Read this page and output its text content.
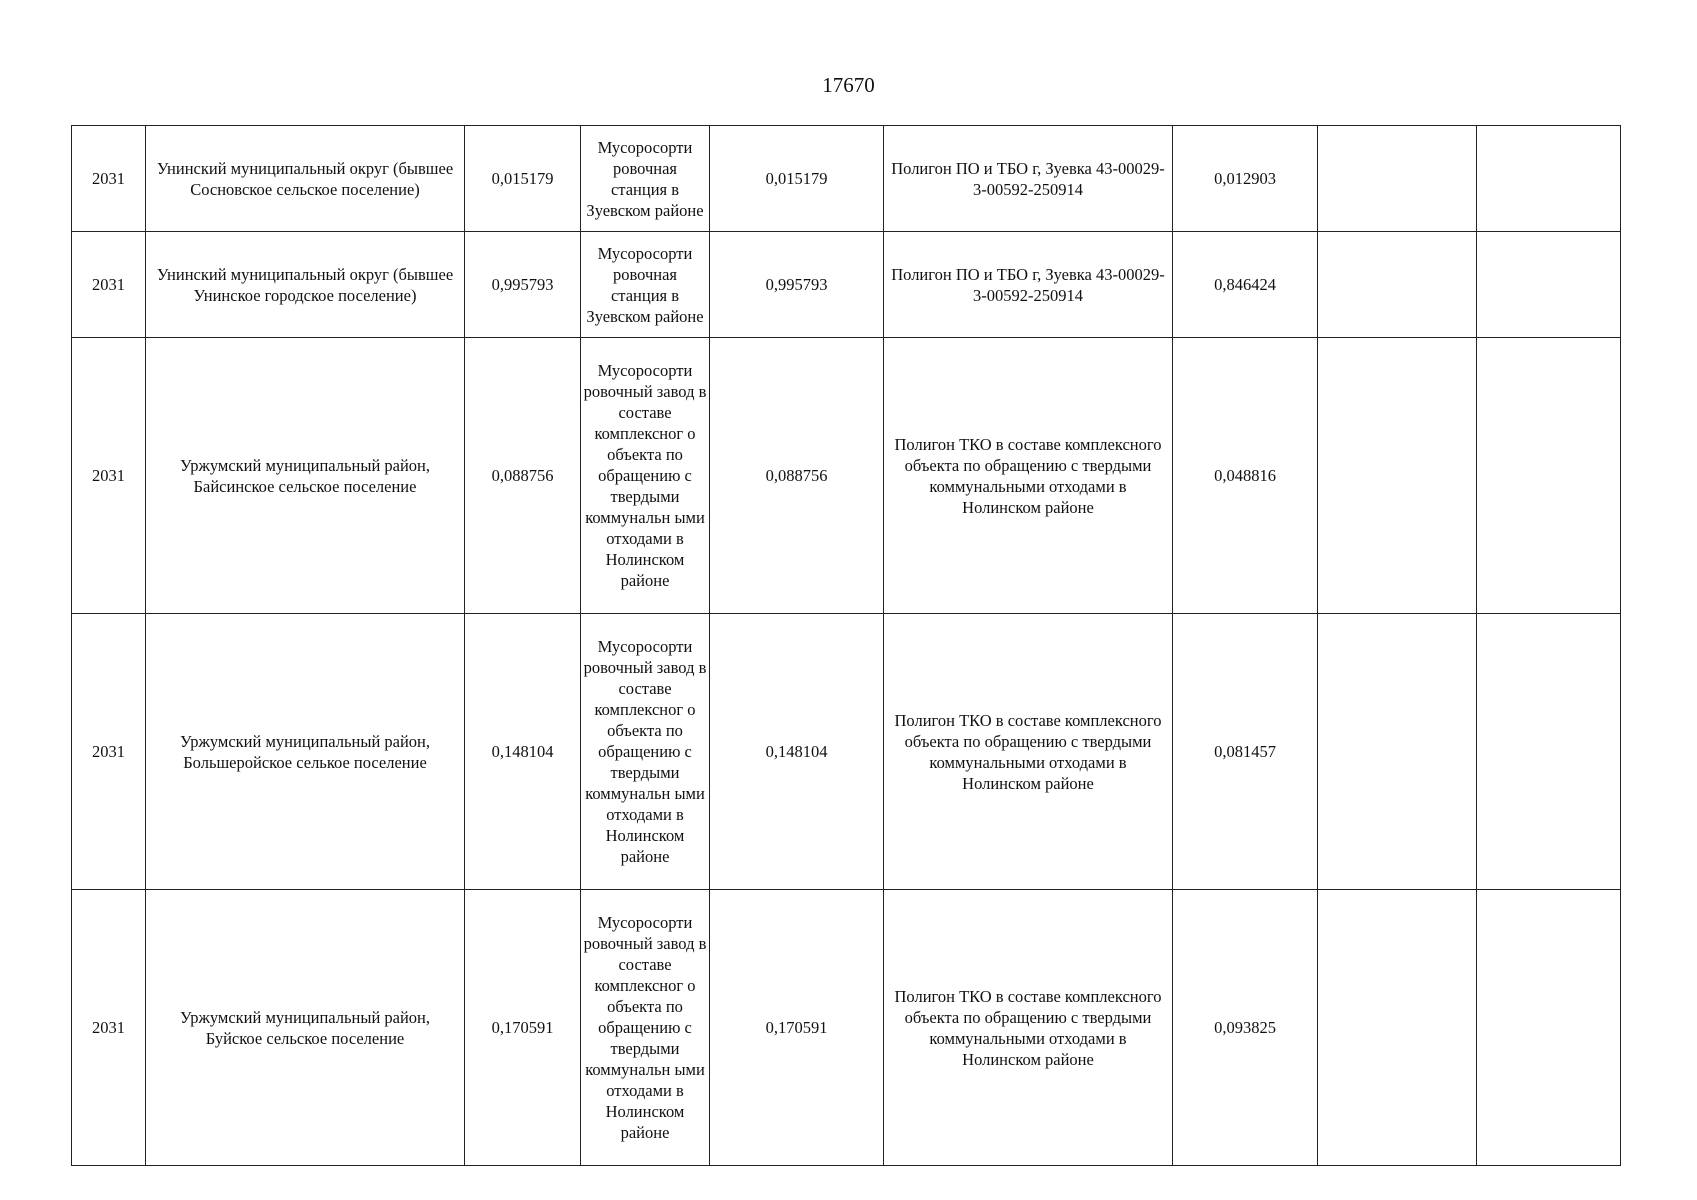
17670
2031	Унинский муниципальный округ (бывшее Сосновское сельское поселение)	0,015179	Мусоросорти ровочная станция в Зуевском районе	0,015179	Полигон ПО и ТБО г, Зуевка 43-00029-3-00592-250914	0,012903		
2031	Унинский муниципальный округ (бывшее Унинское городское поселение)	0,995793	Мусоросорти ровочная станция в Зуевском районе	0,995793	Полигон ПО и ТБО г, Зуевка 43-00029-3-00592-250914	0,846424		
2031	Уржумский муниципальный район, Байсинское сельское поселение	0,088756	Мусоросорти ровочный завод в составе комплексног о объекта по обращению с твердыми коммунальн ыми отходами в Нолинском районе	0,088756	Полигон ТКО в составе комплексного объекта по обращению с твердыми коммунальными отходами в Нолинском районе	0,048816		
2031	Уржумский муниципальный район, Большеройское селькое поселение	0,148104	Мусоросорти ровочный завод в составе комплексног о объекта по обращению с твердыми коммунальн ыми отходами в Нолинском районе	0,148104	Полигон ТКО в составе комплексного объекта по обращению с твердыми коммунальными отходами в Нолинском районе	0,081457		
2031	Уржумский муниципальный район, Буйское сельское поселение	0,170591	Мусоросорти ровочный завод в составе комплексног о объекта по обращению с твердыми коммунальн ыми отходами в Нолинском районе	0,170591	Полигон ТКО в составе комплексного объекта по обращению с твердыми коммунальными отходами в Нолинском районе	0,093825		
